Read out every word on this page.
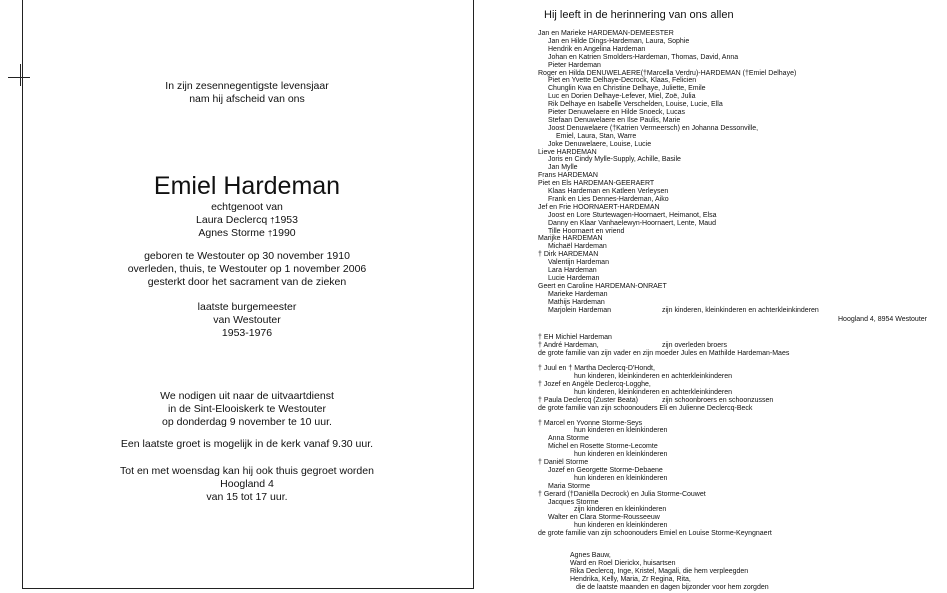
In zijn zesennegentigste levensjaar
nam hij afscheid van ons
Emiel Hardeman
echtgenoot van
Laura Declercq †1953
Agnes Storme †1990
geboren te Westouter op 30 november 1910
overleden, thuis, te Westouter op 1 november 2006
gesterkt door het sacrament van de zieken
laatste burgemeester
van Westouter
1953-1976
We nodigen uit naar de uitvaartdienst
in de Sint-Elooiskerk te Westouter
op donderdag 9 november te 10 uur.
Een laatste groet is mogelijk in de kerk vanaf 9.30 uur.
Tot en met woensdag kan hij ook thuis gegroet worden
Hoogland 4
van 15 tot 17 uur.
Hij leeft in de herinnering van ons allen
Jan en Marieke HARDEMAN-DEMEESTER
Jan en Hilde Dings-Hardeman, Laura, Sophie
Hendrik en Angelina Hardeman
Johan en Katrien Smolders-Hardeman, Thomas, David, Anna
Pieter Hardeman
Roger en Hilda DENUWELAERE(†Marcella Verdru)-HARDEMAN (†Emiel Delhaye)
Piet en Yvette Delhaye-Decrock, Klaas, Felicien
Chunglin Kwa en Christine Delhaye, Juliette, Emile
Luc en Dorien Delhaye-Lefever, Miel, Zoë, Julia
Rik Delhaye en Isabelle Verschelden, Louise, Lucie, Ella
Pieter Denuwelaere en Hilde Snoeck, Lucas
Stefaan Denuwelaere en Ilse Paulis, Marie
Joost Denuwelaere (†Katrien Vermeersch) en Johanna Dessonville,
Emiel, Laura, Stan, Warre
Joke Denuwelaere, Louise, Lucie
Lieve HARDEMAN
Joris en Cindy Mylle-Supply, Achille, Basile
Jan Mylle
Frans HARDEMAN
Piet en Els HARDEMAN-GEERAERT
Klaas Hardeman en Katleen Verleysen
Frank en Lies Dennes-Hardeman, Aiko
Jef en Frie HOORNAERT-HARDEMAN
Joost en Lore Sturtewagen-Hoornaert, Heimanot, Elsa
Danny en Klaar Vanhaelewyn-Hoornaert, Lente, Maud
Tille Hoornaert en vriend
Marijke HARDEMAN
Michaël Hardeman
† Dirk HARDEMAN
Valentijn Hardeman
Lara Hardeman
Lucie Hardeman
Geert en Caroline HARDEMAN-ONRAET
Marieke Hardeman
Mathijs Hardeman
Marjolein Hardeman	zijn kinderen, kleinkinderen en achterkleinkinderen
Hoogland 4, 8954 Westouter
† EH Michiel Hardeman
† André Hardeman,	zijn overleden broers
de grote familie van zijn vader en zijn moeder Jules en Mathilde Hardeman-Maes
† Juul en † Martha Declercq-D'Hondt,
hun kinderen, kleinkinderen en achterkleinkinderen
† Jozef en Angèle Declercq-Logghe,
hun kinderen, kleinkinderen en achterkleinkinderen
† Paula Declercq (Zuster Beata)	zijn schoonbroers en schoonzussen
de grote familie van zijn schoonouders Eli en Julienne Declercq-Beck
† Marcel en Yvonne Storme-Seys
hun kinderen en kleinkinderen
Anna Storme
Michel en Rosette Storme-Lecomte
hun kinderen en kleinkinderen
† Daniël Storme
Jozef en Georgette Storme-Debaene
hun kinderen en kleinkinderen
Maria Storme
† Gerard (†Daniëlla Decrock) en Julia Storme-Couwet
Jacques Storme
zijn kinderen en kleinkinderen
Walter en Clara Storme-Rousseeuw
hun kinderen en kleinkinderen
de grote familie van zijn schoonouders Emiel en Louise Storme-Keyngnaert
Agnes Bauw,
Ward en Roel Dierickx, huisartsen
Rika Declercq, Inge, Kristel, Magali, die hem verpleegden
Hendrika, Kelly, Maria, Zr Regina, Rita,
die de laatste maanden en dagen bijzonder voor hem zorgden
